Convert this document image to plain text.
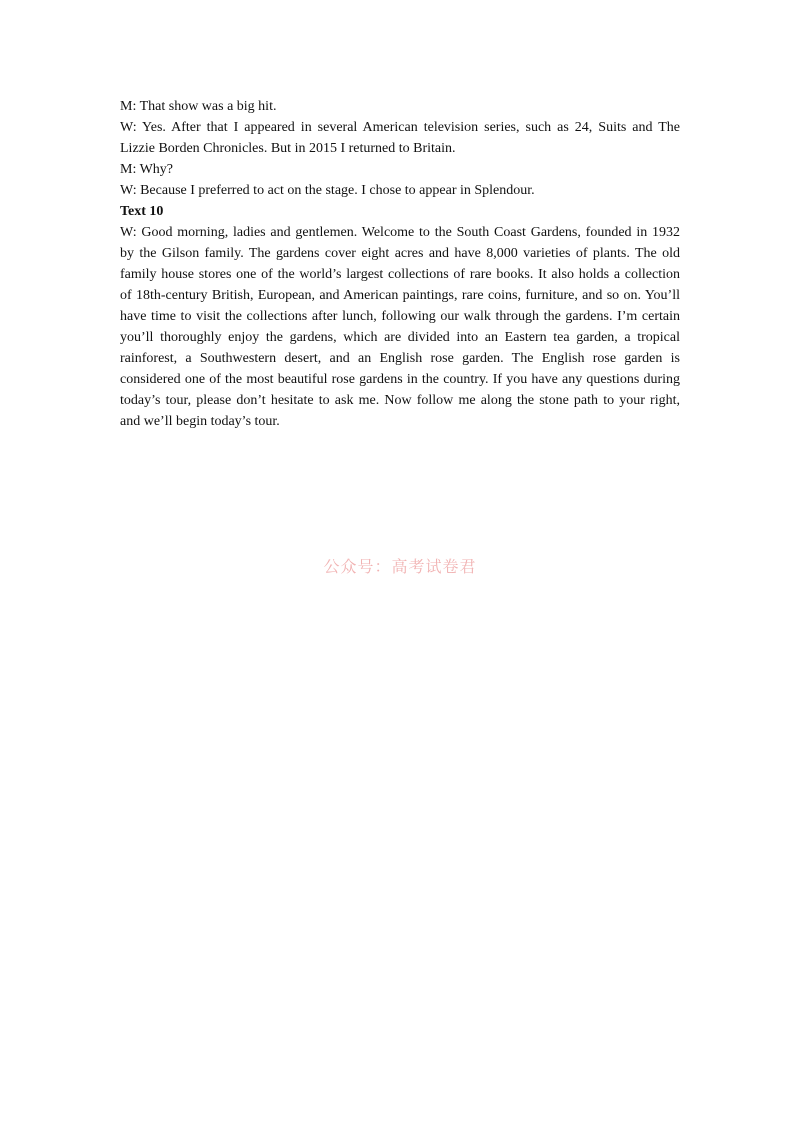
M: That show was a big hit.

W: Yes. After that I appeared in several American television series, such as 24, Suits and The

Lizzie Borden Chronicles. But in 2015 I returned to Britain.

M: Why?

W: Because I preferred to act on the stage. I chose to appear in Splendour.

Text 10

W: Good morning, ladies and gentlemen. Welcome to the South Coast Gardens, founded in 1932

by the Gilson family. The gardens cover eight acres and have 8,000 varieties of plants. The old

family house stores one of the world’s largest collections of rare books. It also holds a collection

of 18th-century British, European, and American paintings, rare coins, furniture, and so on. You’ll

have time to visit the collections after lunch, following our walk through the gardens. I’m certain

you’ll thoroughly enjoy the gardens, which are divided into an Eastern tea garden, a tropical

rainforest, a Southwestern desert, and an English rose garden. The English rose garden is

considered one of the most beautiful rose gardens in the country. If you have any questions during

today’s tour, please don’t hesitate to ask me. Now follow me along the stone path to your right,

and we’ll begin today’s tour.

公众号：高考试卷君
